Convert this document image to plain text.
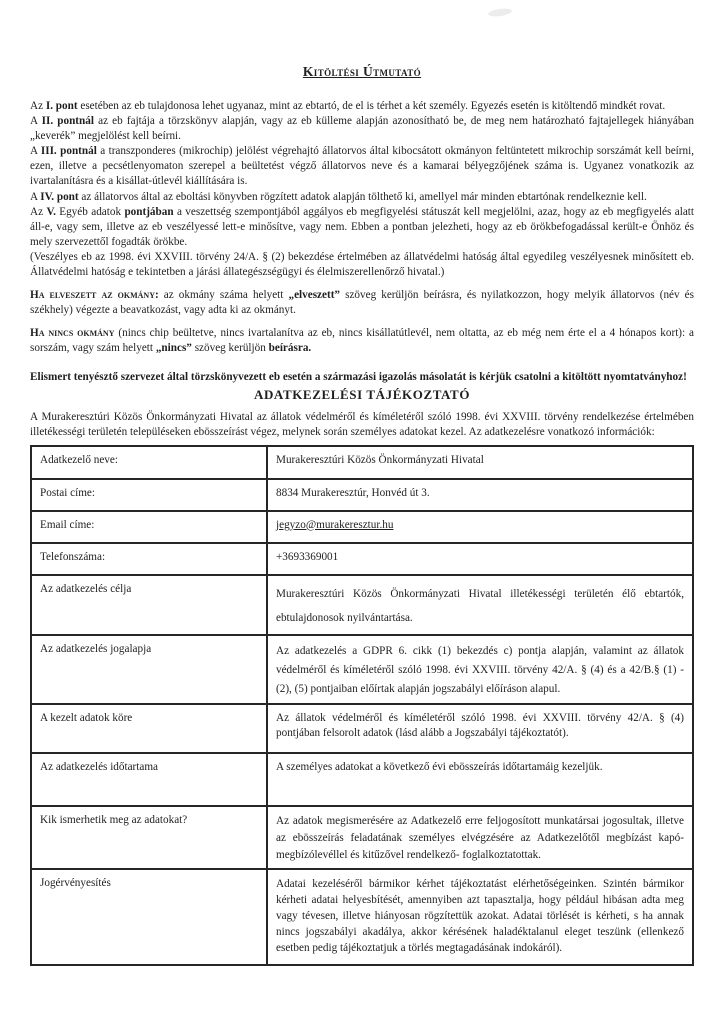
Kitöltési Útmutató

Az I. pont esetében az eb tulajdonosa lehet ugyanaz, mint az ebtartó, de el is térhet a két személy. Egyezés esetén is kitöltendő mindkét rovat.

A II. pontnál az eb fajtája a törzskönyv alapján, vagy az eb külleme alapján azonosítható be, de meg nem határozható fajtajellegek hiányában „keverék” megjelölést kell beírni.

A III. pontnál a transzponderes (mikrochip) jelölést végrehajtó állatorvos által kibocsátott okmányon feltüntetett mikrochip sorszámát kell beírni, ezen, illetve a pecsétlenyomaton szerepel a beültetést végző állatorvos neve és a kamarai bélyegzőjének száma is. Ugyanez vonatkozik az ivartalanításra és a kisállat-útlevél kiállítására is.

A IV. pont az állatorvos által az eboltási könyvben rögzített adatok alapján tölthető ki, amellyel már minden ebtartónak rendelkeznie kell.

Az V. Egyéb adatok pontjában a veszettség szempontjából aggályos eb megfigyelési státuszát kell megjelölni, azaz, hogy az eb megfigyelés alatt áll-e, vagy sem, illetve az eb veszélyessé lett-e minősítve, vagy nem. Ebben a pontban jelezheti, hogy az eb örökbefogadással került-e Önhöz és mely szervezettől fogadták örökbe.

(Veszélyes eb az 1998. évi XXVIII. törvény 24/A. § (2) bekezdése értelmében az állatvédelmi hatóság által egyedileg veszélyesnek minősített eb. Állatvédelmi hatóság e tekintetben a járási állategészségügyi és élelmiszerellenőrző hivatal.)

Ha elveszett az okmány: az okmány száma helyett „elveszett” szöveg kerüljön beírásra, és nyilatkozzon, hogy melyik állatorvos (név és székhely) végezte a beavatkozást, vagy adta ki az okmányt.

Ha nincs okmány (nincs chip beültetve, nincs ivartalanítva az eb, nincs kisállatútlevél, nem oltatta, az eb még nem érte el a 4 hónapos kort): a sorszám, vagy szám helyett „nincs” szöveg kerüljön beírásra.

Elismert tenyésztő szervezet által törzskönyvezett eb esetén a származási igazolás másolatát is kérjük csatolni a kitöltött nyomtatványhoz!

ADATKEZELÉSI TÁJÉKOZTATÓ

A Murakeresztúri Közös Önkormányzati Hivatal az állatok védelméről és kíméletéről szóló 1998. évi XXVIII. törvény rendelkezése értelmében illetékességi területén településeken ebösszeírást végez, melynek során személyes adatokat kezel. Az adatkezelésre vonatkozó információk:

Adatkezelő neve:	Murakeresztúri Közös Önkormányzati Hivatal
Postai címe:	8834 Murakeresztúr, Honvéd út 3.
Email címe:	jegyzo@murakeresztur.hu
Telefonszáma:	+3693369001
Az adatkezelés célja	Murakeresztúri Közös Önkormányzati Hivatal illetékességi területén élő ebtartók, ebtulajdonosok nyilvántartása.
Az adatkezelés jogalapja	Az adatkezelés a GDPR 6. cikk (1) bekezdés c) pontja alapján, valamint az állatok védelméről és kíméletéről szóló 1998. évi XXVIII. törvény 42/A. § (4) és a 42/B.§ (1) - (2), (5) pontjaiban előírtak alapján jogszabályi előíráson alapul.
A kezelt adatok köre	Az állatok védelméről és kíméletéről szóló 1998. évi XXVIII. törvény 42/A. § (4) pontjában felsorolt adatok (lásd alább a Jogszabályi tájékoztatót).
Az adatkezelés időtartama	A személyes adatokat a következő évi ebösszeírás időtartamáig kezeljük.
Kik ismerhetik meg az adatokat?	Az adatok megismerésére az Adatkezelő erre feljogosított munkatársai jogosultak, illetve az ebösszeírás feladatának személyes elvégzésére az Adatkezelőtől megbízást kapó-megbízólevéllel és kitűzővel rendelkező- foglalkoztatottak.
Jogérvényesítés	Adatai kezeléséről bármikor kérhet tájékoztatást elérhetőségeinken. Szintén bármikor kérheti adatai helyesbítését, amennyiben azt tapasztalja, hogy például hibásan adta meg vagy tévesen, illetve hiányosan rögzítettük azokat. Adatai törlését is kérheti, s ha annak nincs jogszabályi akadálya, akkor kérésének haladéktalanul eleget teszünk (ellenkező esetben pedig tájékoztatjuk a törlés megtagadásának indokáról).
